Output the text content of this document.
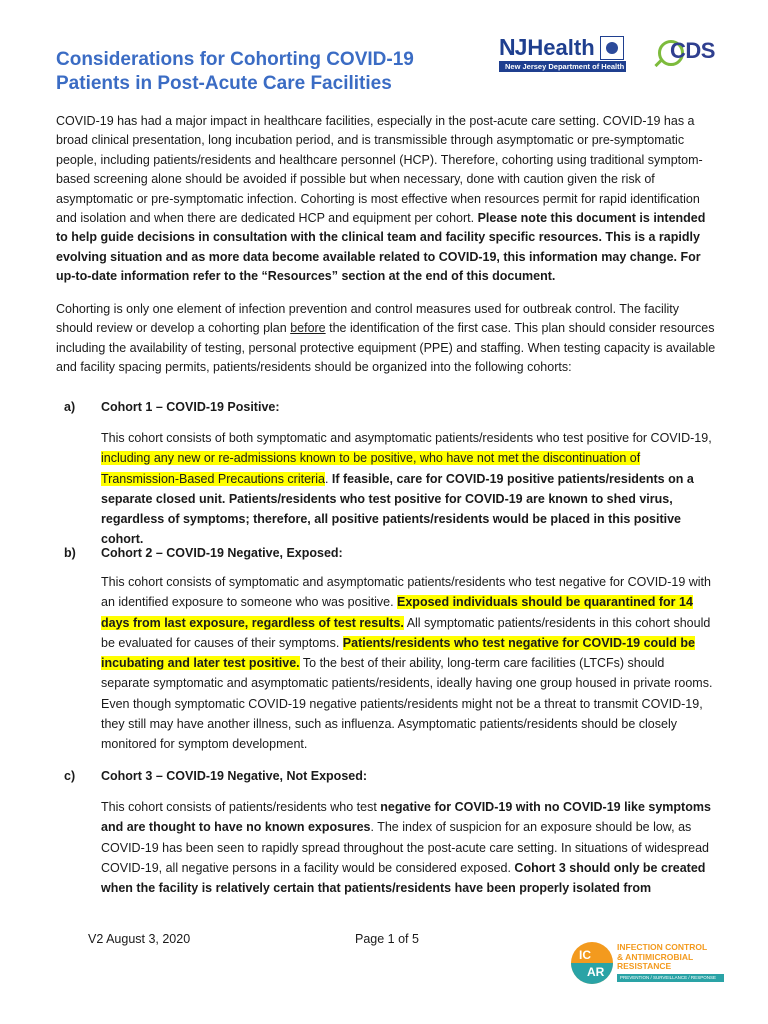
Considerations for Cohorting COVID-19
Patients in Post-Acute Care Facilities
NJ Health
New Jersey Department of Health
CDS
COVID-19 has had a major impact in healthcare facilities, especially in the post-acute care setting. COVID-19 has a broad clinical presentation, long incubation period, and is transmissible through asymptomatic or pre-symptomatic people, including patients/residents and healthcare personnel (HCP). Therefore, cohorting using traditional symptom-based screening alone should be avoided if possible but when necessary, done with caution given the risk of asymptomatic or pre-symptomatic infection. Cohorting is most effective when resources permit for rapid identification and isolation and when there are dedicated HCP and equipment per cohort. Please note this document is intended to help guide decisions in consultation with the clinical team and facility specific resources. This is a rapidly evolving situation and as more data become available related to COVID-19, this information may change. For up-to-date information refer to the “Resources” section at the end of this document.
Cohorting is only one element of infection prevention and control measures used for outbreak control. The facility should review or develop a cohorting plan before the identification of the first case. This plan should consider resources including the availability of testing, personal protective equipment (PPE) and staffing. When testing capacity is available and facility spacing permits, patients/residents should be organized into the following cohorts:
a) Cohort 1 – COVID-19 Positive:
This cohort consists of both symptomatic and asymptomatic patients/residents who test positive for COVID-19, including any new or re-admissions known to be positive, who have not met the discontinuation of Transmission-Based Precautions criteria. If feasible, care for COVID-19 positive patients/residents on a separate closed unit. Patients/residents who test positive for COVID-19 are known to shed virus, regardless of symptoms; therefore, all positive patients/residents would be placed in this positive cohort.
b) Cohort 2 – COVID-19 Negative, Exposed:
This cohort consists of symptomatic and asymptomatic patients/residents who test negative for COVID-19 with an identified exposure to someone who was positive. Exposed individuals should be quarantined for 14 days from last exposure, regardless of test results. All symptomatic patients/residents in this cohort should be evaluated for causes of their symptoms. Patients/residents who test negative for COVID-19 could be incubating and later test positive. To the best of their ability, long-term care facilities (LTCFs) should separate symptomatic and asymptomatic patients/residents, ideally having one group housed in private rooms. Even though symptomatic COVID-19 negative patients/residents might not be a threat to transmit COVID-19, they still may have another illness, such as influenza. Asymptomatic patients/residents should be closely monitored for symptom development.
c) Cohort 3 – COVID-19 Negative, Not Exposed:
This cohort consists of patients/residents who test negative for COVID-19 with no COVID-19 like symptoms and are thought to have no known exposures. The index of suspicion for an exposure should be low, as COVID-19 has been seen to rapidly spread throughout the post-acute care setting. In situations of widespread COVID-19, all negative persons in a facility would be considered exposed. Cohort 3 should only be created when the facility is relatively certain that patients/residents have been properly isolated from
V2 August 3, 2020	Page 1 of 5
IC
AR
INFECTION CONTROL
& ANTIMICROBIAL
RESISTANCE
PREVENTION / SURVEILLANCE / RESPONSE
